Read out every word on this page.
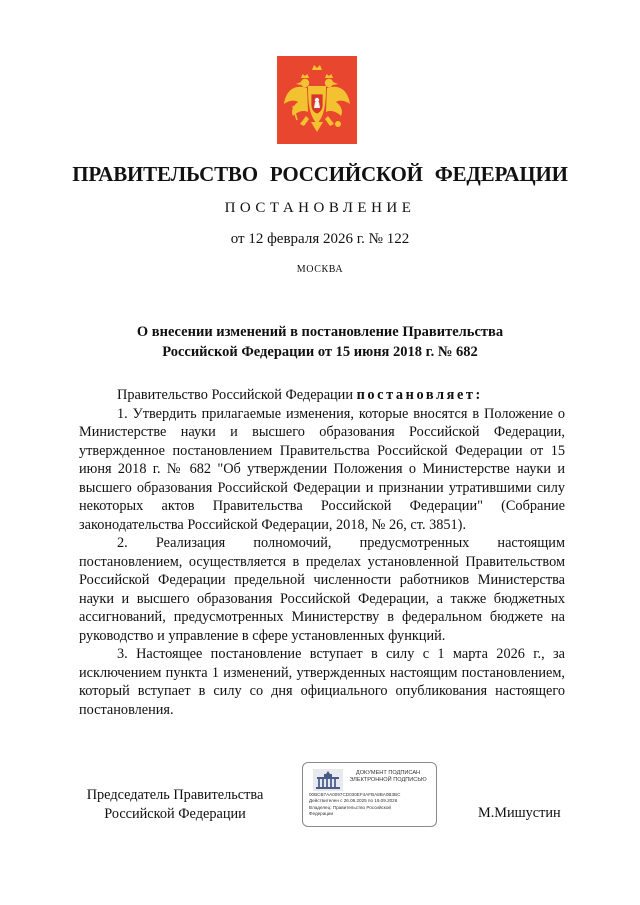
ПРАВИТЕЛЬСТВО РОССИЙСКОЙ ФЕДЕРАЦИИ
ПОСТАНОВЛЕНИЕ
от 12 февраля 2026 г. № 122
МОСКВА
О внесении изменений в постановление Правительства
Российской Федерации от 15 июня 2018 г. № 682

Правительство Российской Федерации постановляет:

1. Утвердить прилагаемые изменения, которые вносятся в Положение о Министерстве науки и высшего образования Российской Федерации, утвержденное постановлением Правительства Российской Федерации от 15 июня 2018 г. № 682 "Об утверждении Положения о Министерстве науки и высшего образования Российской Федерации и признании утратившими силу некоторых актов Правительства Российской Федерации" (Собрание законодательства Российской Федерации, 2018, № 26, ст. 3851).

2. Реализация полномочий, предусмотренных настоящим постановлением, осуществляется в пределах установленной Правительством Российской Федерации предельной численности работников Министерства науки и высшего образования Российской Федерации, а также бюджетных ассигнований, предусмотренных Министерству в федеральном бюджете на руководство и управление в сфере установленных функций.

3. Настоящее постановление вступает в силу с 1 марта 2026 г., за исключением пункта 1 изменений, утвержденных настоящим постановлением, который вступает в силу со дня официального опубликования настоящего постановления.

Председатель Правительства
Российской Федерации
ДОКУМЕНТ ПОДПИСАН
ЭЛЕКТРОННОЙ ПОДПИСЬЮ
00BCB7AA0097CD030EF4AFBA8BA0B3BC
Действителен с 26.06.2025 по 19.09.2026
Владелец: Правительство Российской
Федерации	М.Мишустин
